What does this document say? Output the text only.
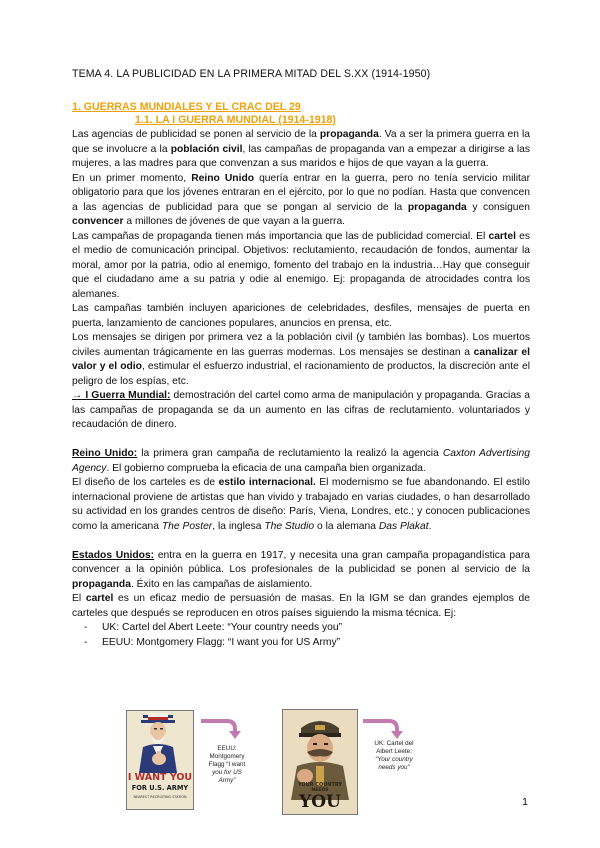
TEMA 4. LA PUBLICIDAD EN LA PRIMERA MITAD DEL S.XX (1914-1950)
1. GUERRAS MUNDIALES Y EL CRAC DEL 29
1.1. LA I GUERRA MUNDIAL (1914-1918)

Las agencias de publicidad se ponen al servicio de la propaganda. Va a ser la primera guerra en la que se involucre a la población civil, las campañas de propaganda van a empezar a dirigirse a las mujeres, a las madres para que convenzan a sus maridos e hijos de que vayan a la guerra.

En un primer momento, Reino Unido quería entrar en la guerra, pero no tenía servicio militar obligatorio para que los jóvenes entraran en el ejército, por lo que no podían. Hasta que convencen a las agencias de publicidad para que se pongan al servicio de la propaganda y consiguen convencer a millones de jóvenes de que vayan a la guerra.

Las campañas de propaganda tienen más importancia que las de publicidad comercial. El cartel es el medio de comunicación principal. Objetivos: reclutamiento, recaudación de fondos, aumentar la moral, amor por la patria, odio al enemigo, fomento del trabajo en la industria…Hay que conseguir que el ciudadano ame a su patria y odie al enemigo. Ej: propaganda de atrocidades contra los alemanes.

Las campañas también incluyen apariciones de celebridades, desfiles, mensajes de puerta en puerta, lanzamiento de canciones populares, anuncios en prensa, etc.

Los mensajes se dirigen por primera vez a la población civil (y también las bombas). Los muertos civiles aumentan trágicamente en las guerras modernas. Los mensajes se destinan a canalizar el valor y el odio, estimular el esfuerzo industrial, el racionamiento de productos, la discreción ante el peligro de los espías, etc.

→ I Guerra Mundial: demostración del cartel como arma de manipulación y propaganda. Gracias a las campañas de propaganda se da un aumento en las cifras de reclutamiento. voluntariados y recaudación de dinero.

Reino Unido: la primera gran campaña de reclutamiento la realizó la agencia Caxton Advertising Agency. El gobierno comprueba la eficacia de una campaña bien organizada.

El diseño de los carteles es de estilo internacional. El modernismo se fue abandonando. El estilo internacional proviene de artistas que han vivido y trabajado en varias ciudades, o han desarrollado su actividad en los grandes centros de diseño: París, Viena, Londres, etc.; y conocen publicaciones como la americana The Poster, la inglesa The Studio o la alemana Das Plakat.

Estados Unidos: entra en la guerra en 1917, y necesita una gran campaña propagandística para convencer a la opinión pública. Los profesionales de la publicidad se ponen al servicio de la propaganda. Éxito en las campañas de aislamiento.

El cartel es un eficaz medio de persuasión de masas. En la IGM se dan grandes ejemplos de carteles que después se reproducen en otros países siguiendo la misma técnica. Ej:

- UK: Cartel del Abert Leete: “Your country needs you”
- EEUU: Montgomery Flagg: “I want you for US Army”
I WANT YOU
FOR U.S. ARMY
NEAREST RECRUITING STATION
EEUU:
Montgomery
Flagg “I want
you for US
Army”
YOUR COUNTRY
NEEDS
YOU
UK: Cartel del
Albert Leete:
“Your country
needs you”
1
